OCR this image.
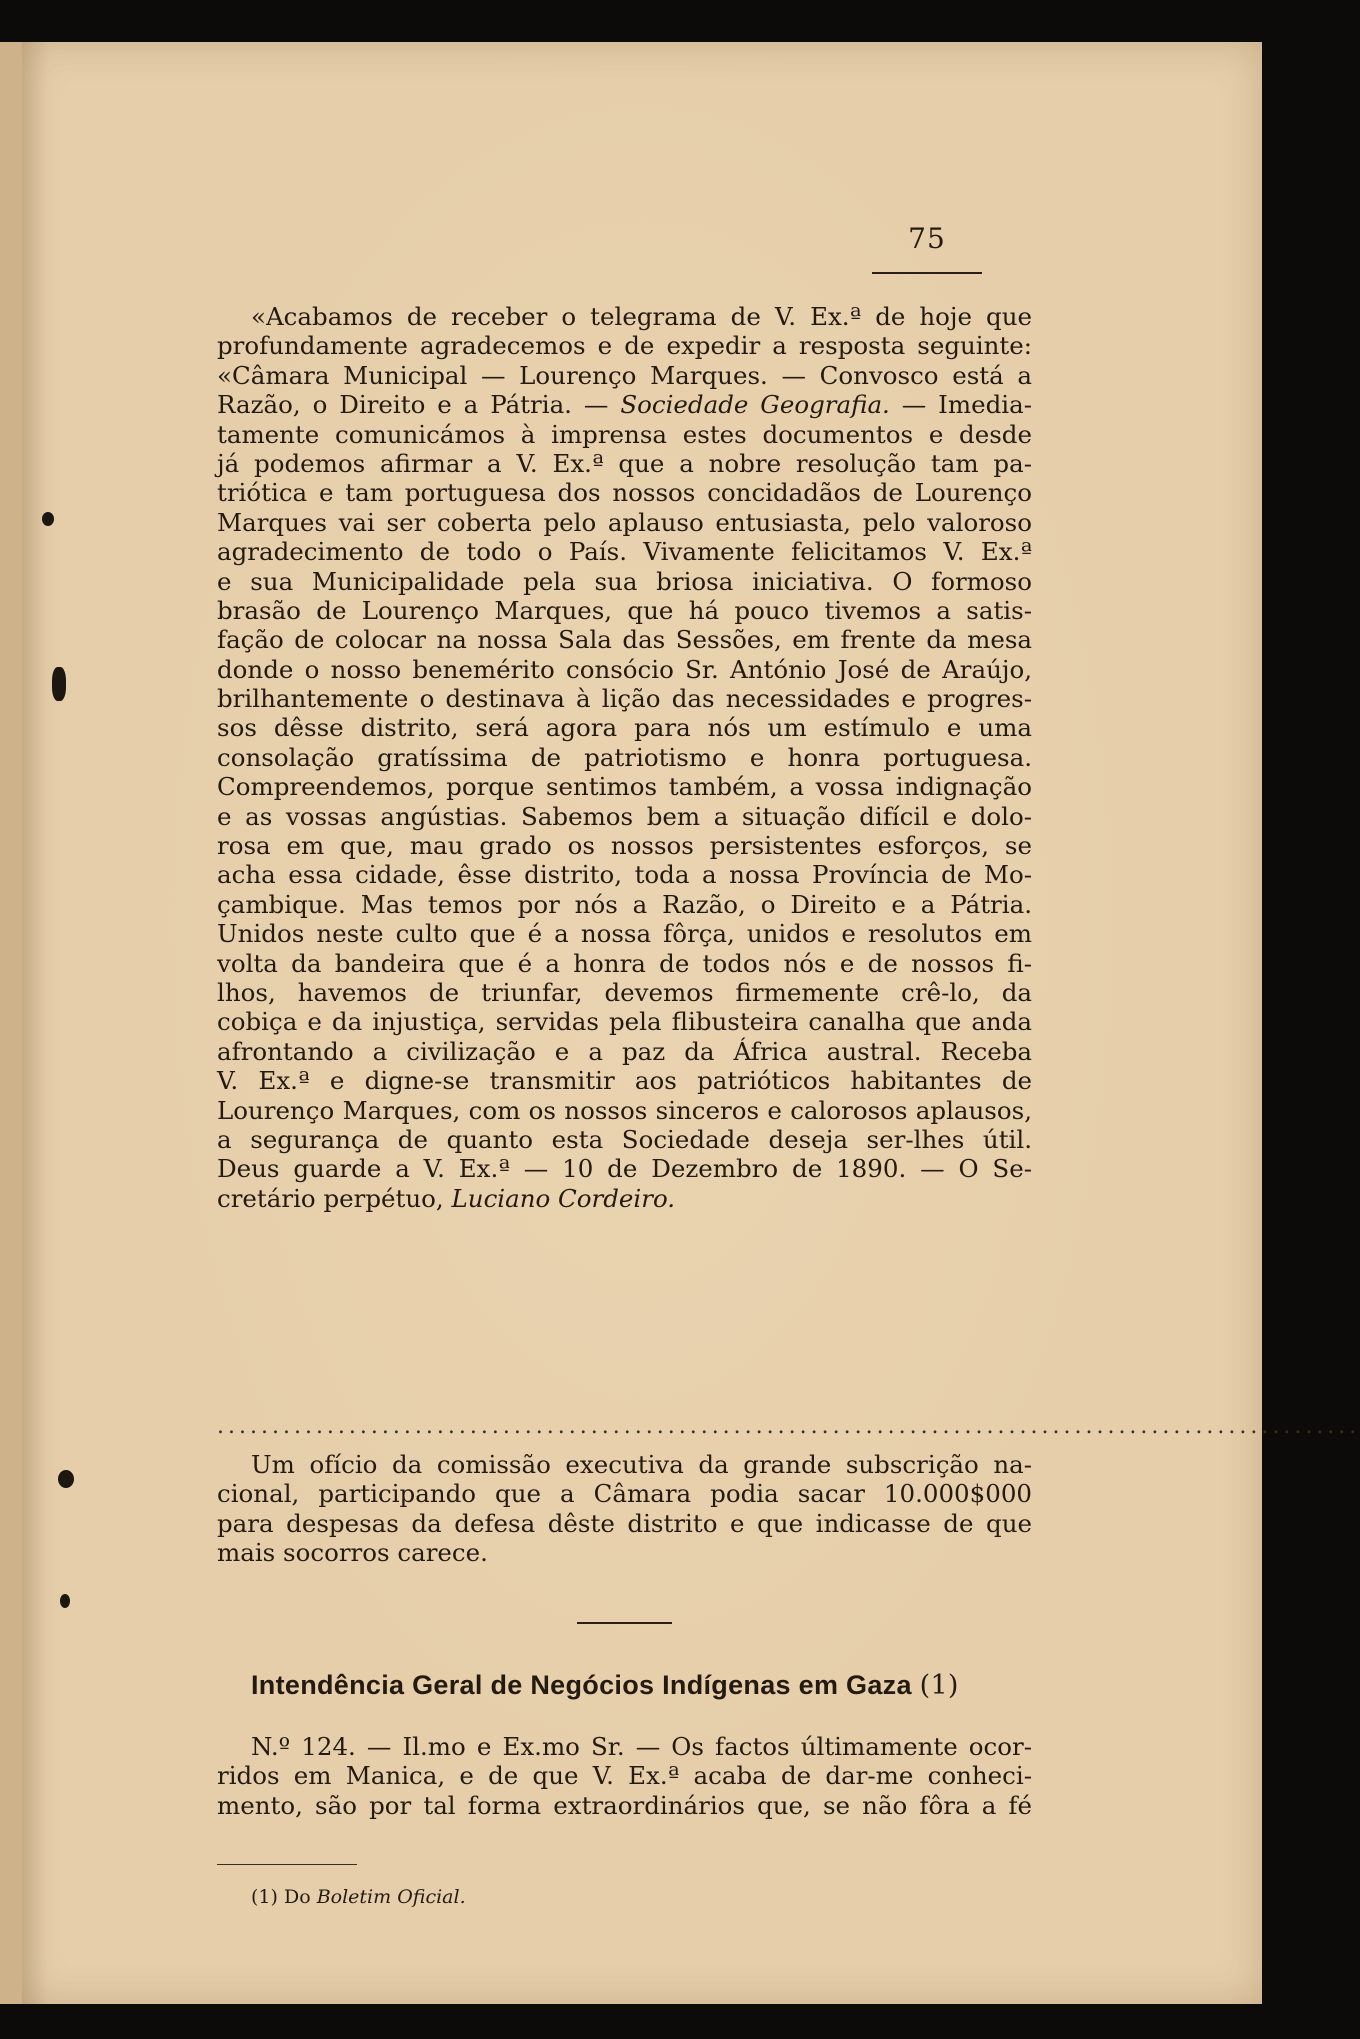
75
«Acabamos de receber o telegrama de V. Ex.ª de hoje que
profundamente agradecemos e de expedir a resposta seguinte:
«Câmara Municipal — Lourenço Marques. — Convosco está a
Razão, o Direito e a Pátria. — Sociedade Geografia. — Imedia-
tamente comunicámos à imprensa estes documentos e desde
já podemos afirmar a V. Ex.ª que a nobre resolução tam pa-
triótica e tam portuguesa dos nossos concidadãos de Lourenço
Marques vai ser coberta pelo aplauso entusiasta, pelo valoroso
agradecimento de todo o País. Vivamente felicitamos V. Ex.ª
e sua Municipalidade pela sua briosa iniciativa. O formoso
brasão de Lourenço Marques, que há pouco tivemos a satis-
fação de colocar na nossa Sala das Sessões, em frente da mesa
donde o nosso benemérito consócio Sr. António José de Araújo,
brilhantemente o destinava à lição das necessidades e progres-
sos dêsse distrito, será agora para nós um estímulo e uma
consolação gratíssima de patriotismo e honra portuguesa.
Compreendemos, porque sentimos também, a vossa indignação
e as vossas angústias. Sabemos bem a situação difícil e dolo-
rosa em que, mau grado os nossos persistentes esforços, se
acha essa cidade, êsse distrito, toda a nossa Província de Mo-
çambique. Mas temos por nós a Razão, o Direito e a Pátria.
Unidos neste culto que é a nossa fôrça, unidos e resolutos em
volta da bandeira que é a honra de todos nós e de nossos fi-
lhos, havemos de triunfar, devemos firmemente crê-lo, da
cobiça e da injustiça, servidas pela flibusteira canalha que anda
afrontando a civilização e a paz da África austral. Receba
V. Ex.ª e digne-se transmitir aos patrióticos habitantes de
Lourenço Marques, com os nossos sinceros e calorosos aplausos,
a segurança de quanto esta Sociedade deseja ser-lhes útil.
Deus guarde a V. Ex.ª — 10 de Dezembro de 1890. — O Se-
cretário perpétuo, Luciano Cordeiro.
........................................................................................................
Um ofício da comissão executiva da grande subscrição na-
cional, participando que a Câmara podia sacar 10.000$000
para despesas da defesa dêste distrito e que indicasse de que
mais socorros carece.
Intendência Geral de Negócios Indígenas em Gaza (1)
N.º 124. — Il.mo e Ex.mo Sr. — Os factos últimamente ocor-
ridos em Manica, e de que V. Ex.ª acaba de dar-me conheci-
mento, são por tal forma extraordinários que, se não fôra a fé
(1) Do Boletim Oficial.
